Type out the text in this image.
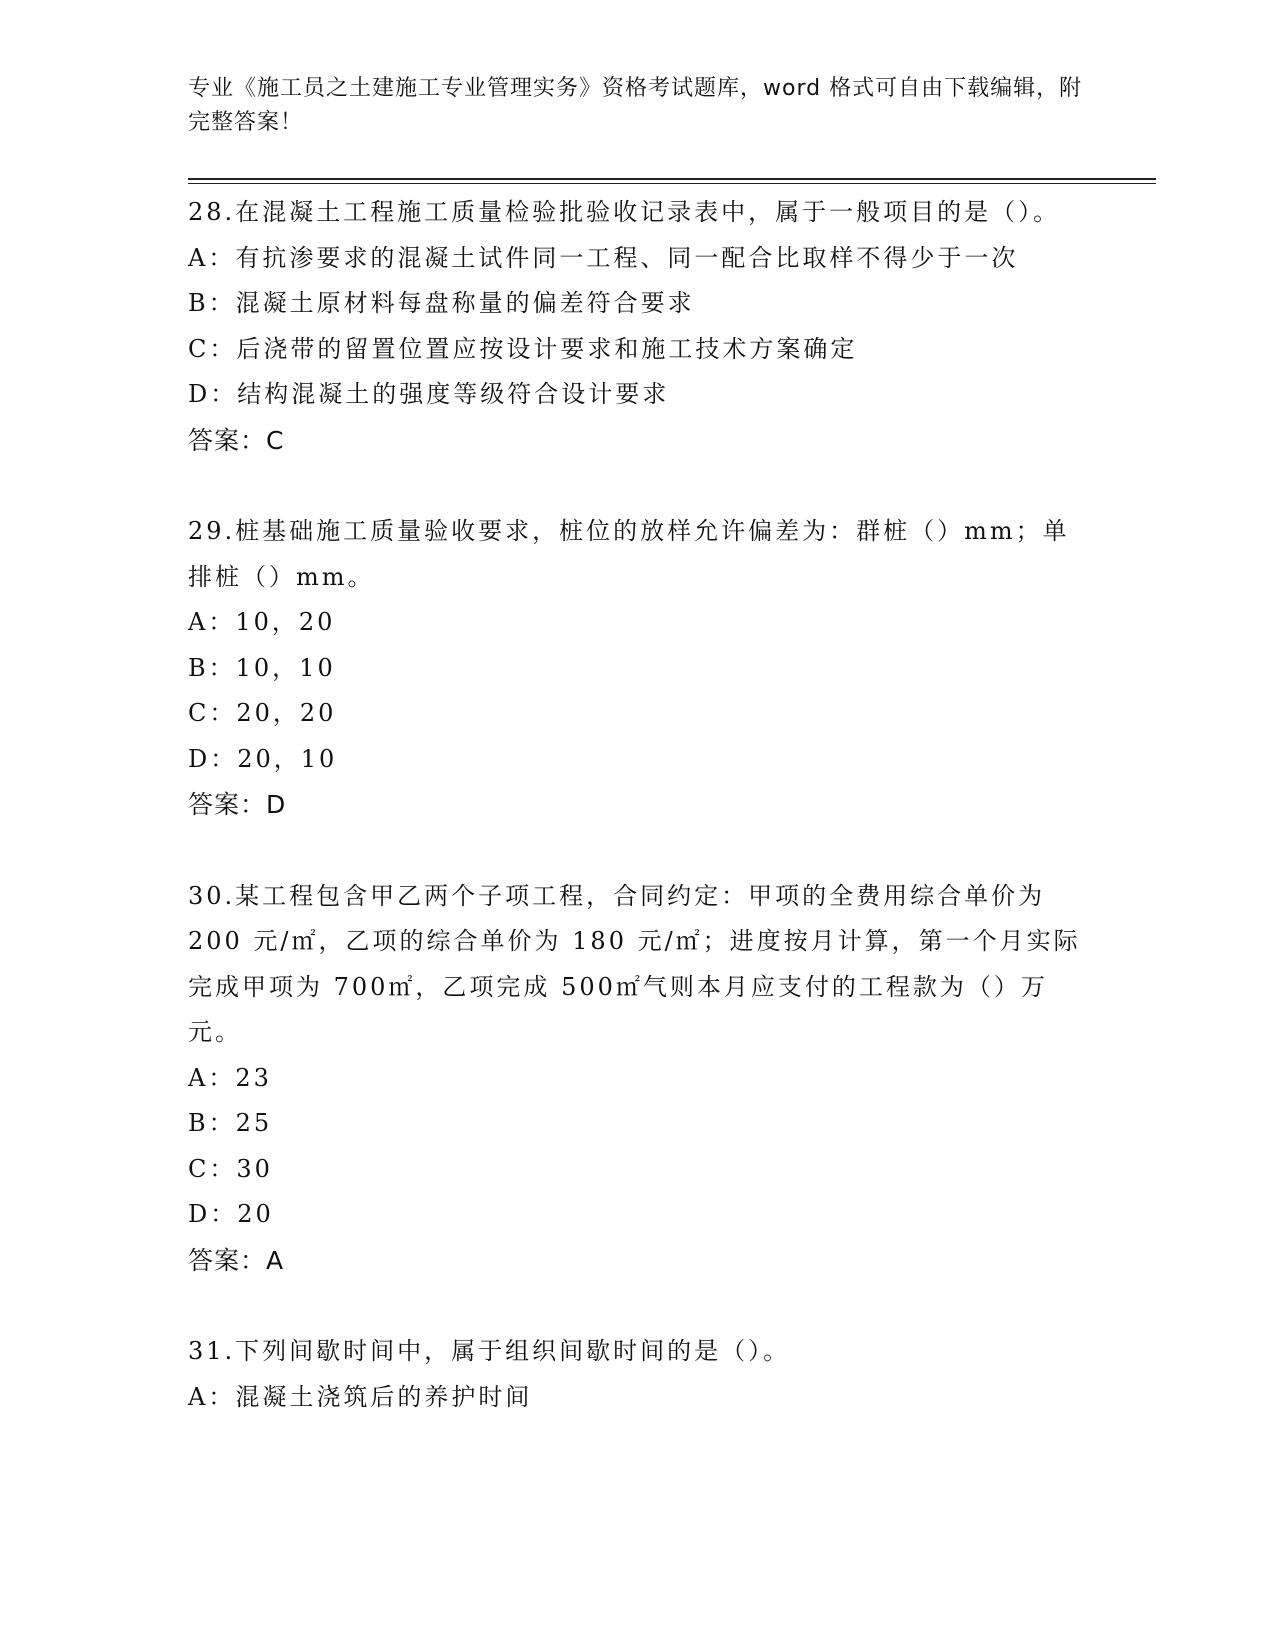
专业《施工员之土建施工专业管理实务》资格考试题库，word 格式可自由下载编辑，附完整答案！

28.在混凝土工程施工质量检验批验收记录表中，属于一般项目的是（）。

A：有抗渗要求的混凝土试件同一工程、同一配合比取样不得少于一次

B：混凝土原材料每盘称量的偏差符合要求

C：后浇带的留置位置应按设计要求和施工技术方案确定

D：结构混凝土的强度等级符合设计要求

答案：C

29.桩基础施工质量验收要求，桩位的放样允许偏差为：群桩（）mm；单排桩（）mm。

A：10，20

B：10，10

C：20，20

D：20，10

答案：D

30.某工程包含甲乙两个子项工程，合同约定：甲项的全费用综合单价为 200 元/㎡，乙项的综合单价为 180 元/㎡；进度按月计算，第一个月实际完成甲项为 700㎡，乙项完成 500㎡气则本月应支付的工程款为（）万元。

A：23

B：25

C：30

D：20

答案：A

31.下列间歇时间中，属于组织间歇时间的是（）。

A：混凝土浇筑后的养护时间
